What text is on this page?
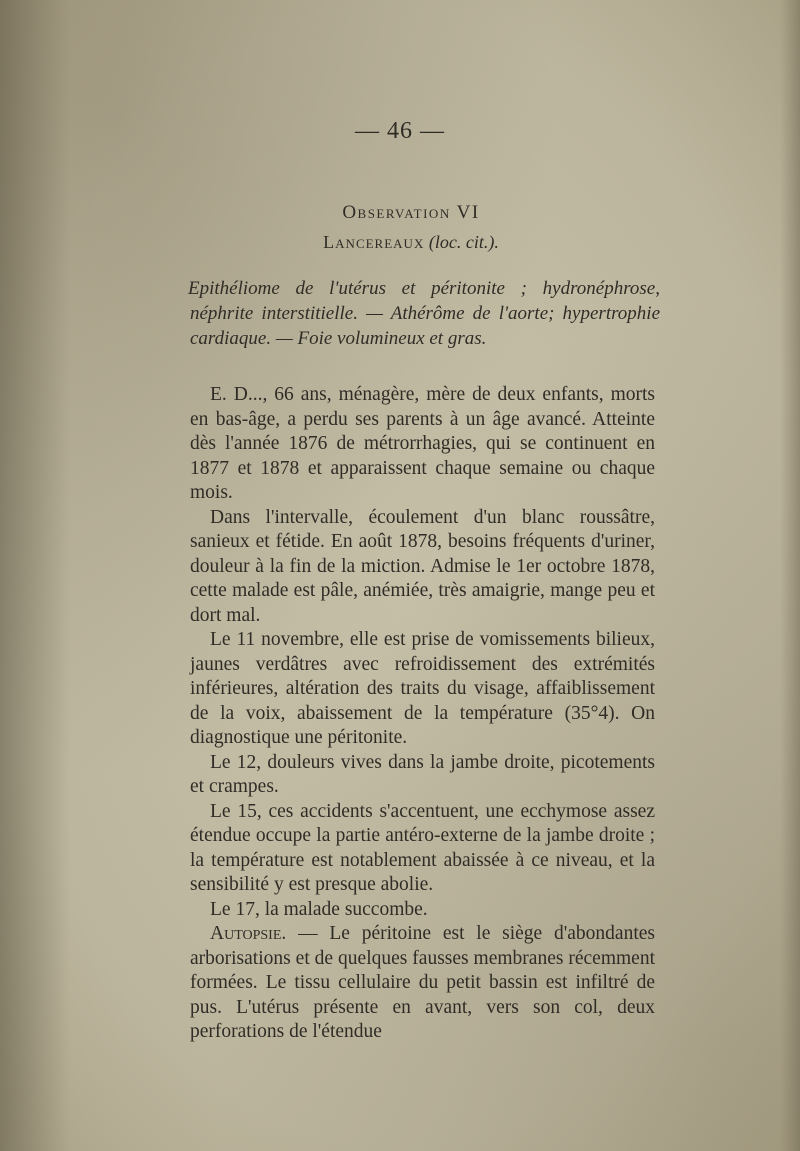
— 46 —
Observation VI
Lancereaux (loc. cit.).
Epithéliome de l'utérus et péritonite ; hydronéphrose, néphrite interstitielle. — Athérôme de l'aorte; hypertrophie cardiaque. — Foie volumineux et gras.

E. D..., 66 ans, ménagère, mère de deux enfants, morts en bas-âge, a perdu ses parents à un âge avancé. Atteinte dès l'année 1876 de métrorrhagies, qui se continuent en 1877 et 1878 et apparaissent chaque semaine ou chaque mois.

Dans l'intervalle, écoulement d'un blanc roussâtre, sanieux et fétide. En août 1878, besoins fréquents d'uriner, douleur à la fin de la miction. Admise le 1er octobre 1878, cette malade est pâle, anémiée, très amaigrie, mange peu et dort mal.

Le 11 novembre, elle est prise de vomissements bilieux, jaunes verdâtres avec refroidissement des extrémités inférieures, altération des traits du visage, affaiblissement de la voix, abaissement de la température (35°4). On diagnostique une péritonite.

Le 12, douleurs vives dans la jambe droite, picotements et crampes.

Le 15, ces accidents s'accentuent, une ecchymose assez étendue occupe la partie antéro-externe de la jambe droite ; la température est notablement abaissée à ce niveau, et la sensibilité y est presque abolie.

Le 17, la malade succombe.

Autopsie. — Le péritoine est le siège d'abondantes arborisations et de quelques fausses membranes récemment formées. Le tissu cellulaire du petit bassin est infiltré de pus. L'utérus présente en avant, vers son col, deux perforations de l'étendue
